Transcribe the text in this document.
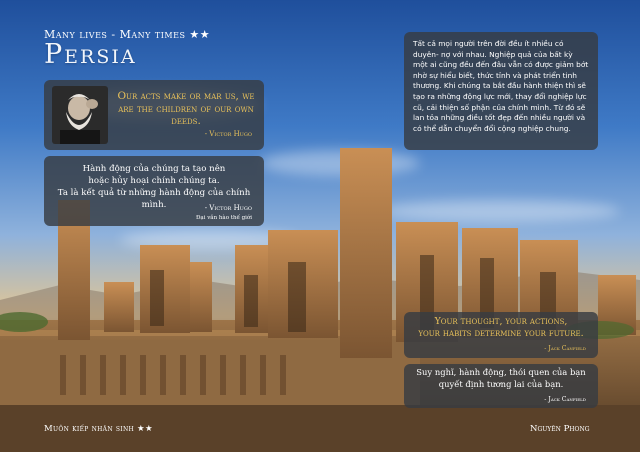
Many lives - Many times ★★
Persia
Our acts make or mar us, we are the children of our own deeds.
- Victor Hugo
Hành động của chúng ta tạo nên
hoặc hủy hoại chính chúng ta.
Ta là kết quả từ những hành động của chính mình.	- Victor Hugo
Đại văn hào thế giới
Tất cả mọi người trên đời đều ít nhiều có duyên- nợ với nhau. Nghiệp quả của bất kỳ một ai cũng đều đến đâu vẫn có được giảm bớt nhờ sự hiểu biết, thức tỉnh và phát triển tinh thương. Khi chúng ta bắt đầu hành thiện thì sẽ tạo ra những động lực mới, thay đổi nghiệp lực cũ, cải thiện số phận của chính mình. Từ đó sẽ lan tỏa những điều tốt đẹp đến nhiều người và có thể dẫn chuyển đổi cộng nghiệp chung.
Your thought, your actions,
your habits determine your future.
- Jack Canfield
Suy nghĩ, hành động, thói quen của bạn
quyết định tương lai của bạn.
- Jack Canfield
Muôn kiếp nhân sinh ★★	Nguyên Phong
